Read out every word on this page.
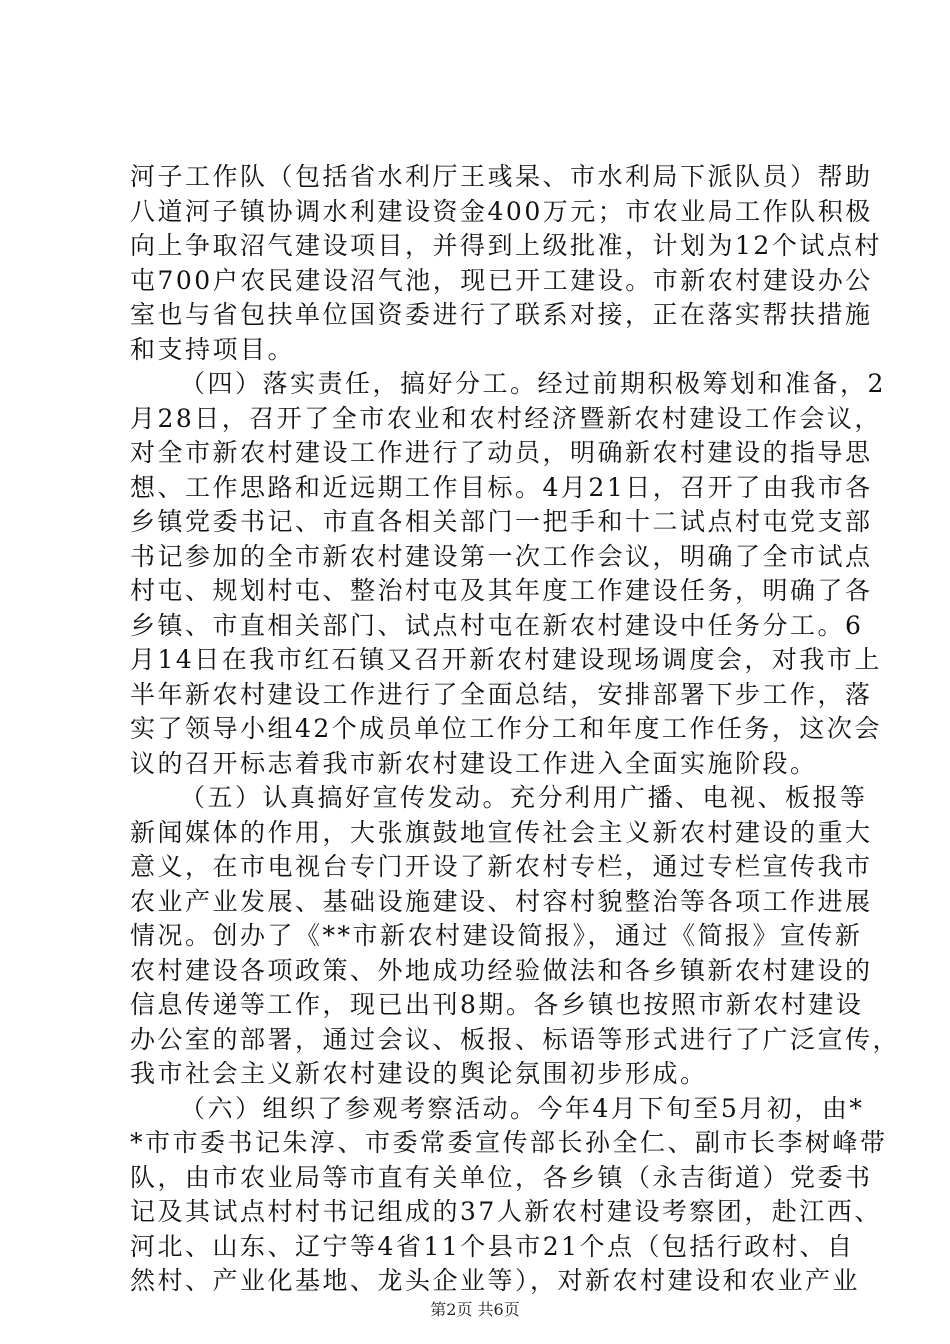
河子工作队（包括省水利厅王彧杲、市水利局下派队员）帮助
八道河子镇协调水利建设资金400万元；市农业局工作队积极
向上争取沼气建设项目，并得到上级批准，计划为12个试点村
屯700户农民建设沼气池，现已开工建设。市新农村建设办公
室也与省包扶单位国资委进行了联系对接，正在落实帮扶措施
和支持项目。
（四）落实责任，搞好分工。经过前期积极筹划和准备，2
月28日，召开了全市农业和农村经济暨新农村建设工作会议，
对全市新农村建设工作进行了动员，明确新农村建设的指导思
想、工作思路和近远期工作目标。4月21日，召开了由我市各
乡镇党委书记、市直各相关部门一把手和十二试点村屯党支部
书记参加的全市新农村建设第一次工作会议，明确了全市试点
村屯、规划村屯、整治村屯及其年度工作建设任务，明确了各
乡镇、市直相关部门、试点村屯在新农村建设中任务分工。6
月14日在我市红石镇又召开新农村建设现场调度会，对我市上
半年新农村建设工作进行了全面总结，安排部署下步工作，落
实了领导小组42个成员单位工作分工和年度工作任务，这次会
议的召开标志着我市新农村建设工作进入全面实施阶段。
（五）认真搞好宣传发动。充分利用广播、电视、板报等
新闻媒体的作用，大张旗鼓地宣传社会主义新农村建设的重大
意义，在市电视台专门开设了新农村专栏，通过专栏宣传我市
农业产业发展、基础设施建设、村容村貌整治等各项工作进展
情况。创办了《**市新农村建设简报》，通过《简报》宣传新
农村建设各项政策、外地成功经验做法和各乡镇新农村建设的
信息传递等工作，现已出刊8期。各乡镇也按照市新农村建设
办公室的部署，通过会议、板报、标语等形式进行了广泛宣传，
我市社会主义新农村建设的舆论氛围初步形成。
（六）组织了参观考察活动。今年4月下旬至5月初，由*
*市市委书记朱淳、市委常委宣传部长孙全仁、副市长李树峰带
队，由市农业局等市直有关单位，各乡镇（永吉街道）党委书
记及其试点村村书记组成的37人新农村建设考察团，赴江西、
河北、山东、辽宁等4省11个县市21个点（包括行政村、自
然村、产业化基地、龙头企业等），对新农村建设和农业产业
第2页 共6页
